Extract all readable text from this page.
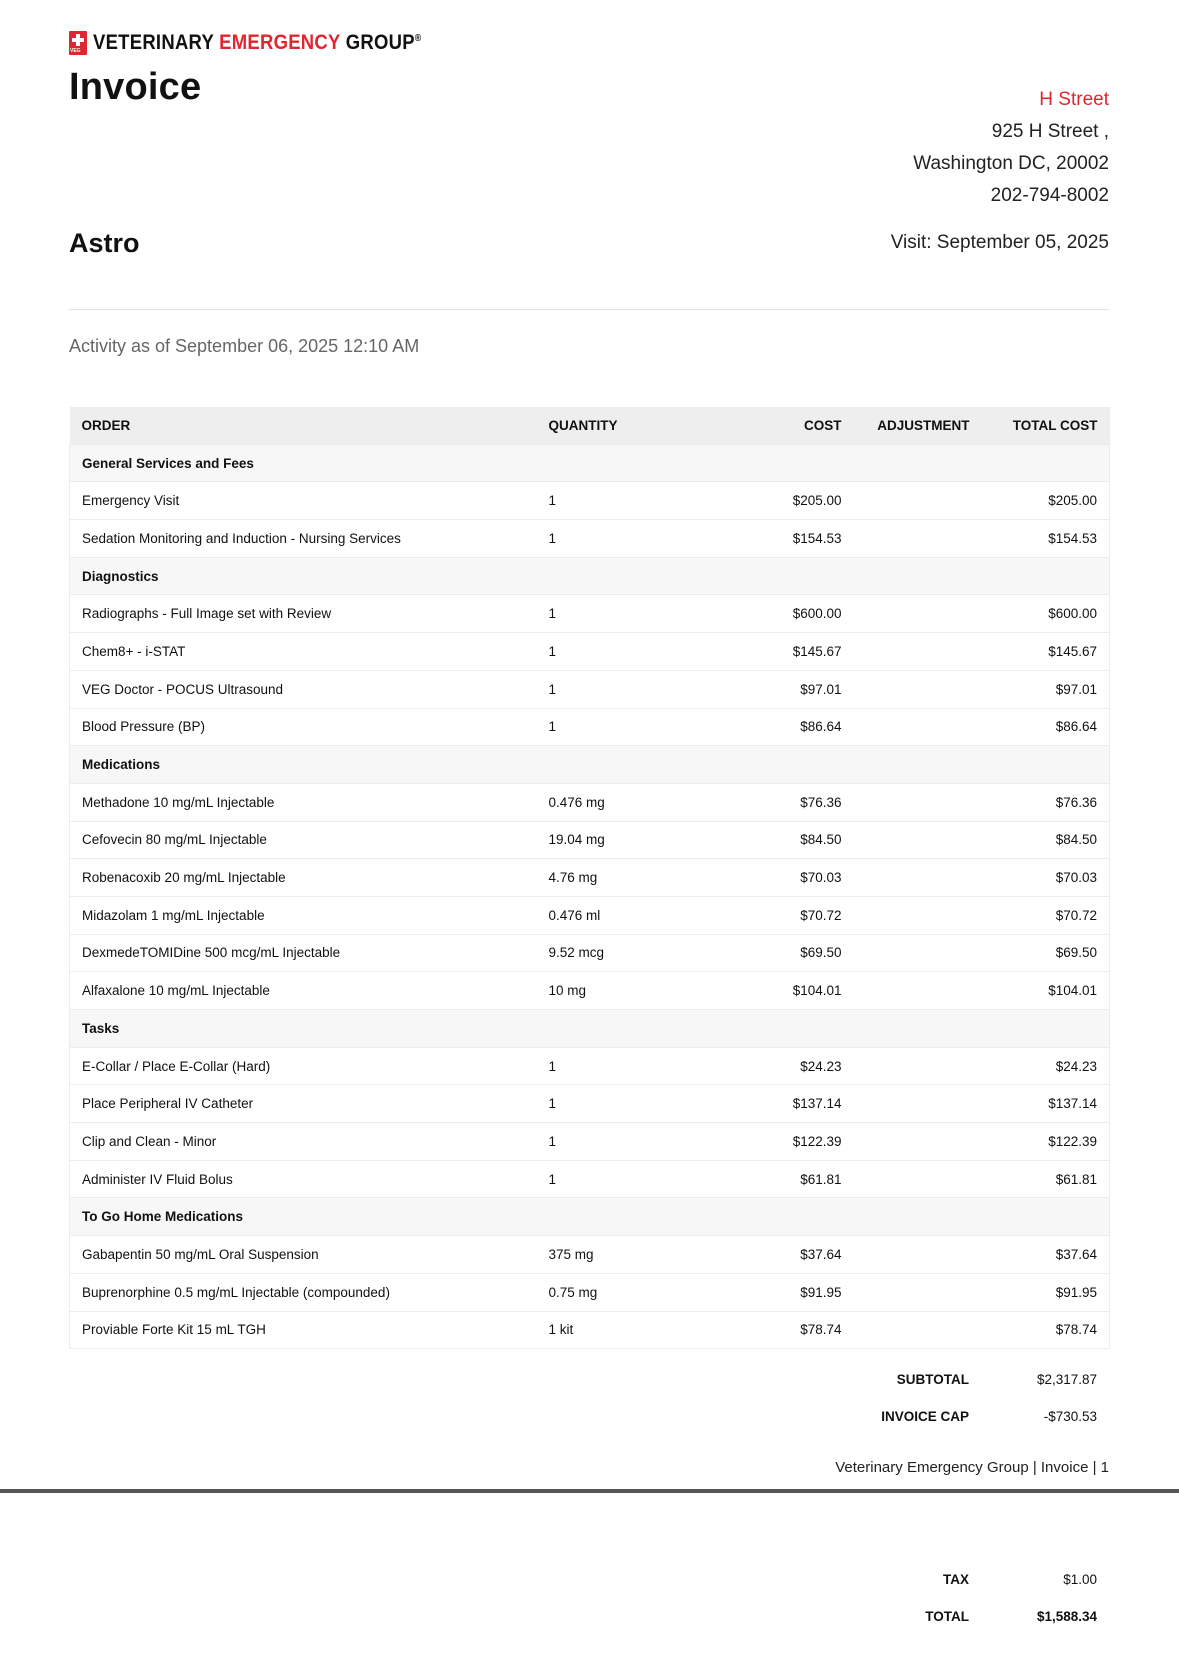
VEG VETERINARY EMERGENCY GROUP®
Invoice	H Street
925 H Street ,
Washington DC, 20002
202-794-8002
Astro	Visit: September 05, 2025
Activity as of September 06, 2025 12:10 AM
ORDER	QUANTITY	COST	ADJUSTMENT	TOTAL COST
General Services and Fees				
Emergency Visit	1	$205.00		$205.00
Sedation Monitoring and Induction - Nursing Services	1	$154.53		$154.53
Diagnostics				
Radiographs - Full Image set with Review	1	$600.00		$600.00
Chem8+ - i-STAT	1	$145.67		$145.67
VEG Doctor - POCUS Ultrasound	1	$97.01		$97.01
Blood Pressure (BP)	1	$86.64		$86.64
Medications				
Methadone 10 mg/mL Injectable	0.476 mg	$76.36		$76.36
Cefovecin 80 mg/mL Injectable	19.04 mg	$84.50		$84.50
Robenacoxib 20 mg/mL Injectable	4.76 mg	$70.03		$70.03
Midazolam 1 mg/mL Injectable	0.476 ml	$70.72		$70.72
DexmedeTOMIDine 500 mcg/mL Injectable	9.52 mcg	$69.50		$69.50
Alfaxalone 10 mg/mL Injectable	10 mg	$104.01		$104.01
Tasks				
E-Collar / Place E-Collar (Hard)	1	$24.23		$24.23
Place Peripheral IV Catheter	1	$137.14		$137.14
Clip and Clean - Minor	1	$122.39		$122.39
Administer IV Fluid Bolus	1	$61.81		$61.81
To Go Home Medications				
Gabapentin 50 mg/mL Oral Suspension	375 mg	$37.64		$37.64
Buprenorphine 0.5 mg/mL Injectable (compounded)	0.75 mg	$91.95		$91.95
Proviable Forte Kit 15 mL TGH	1 kit	$78.74		$78.74
SUBTOTAL	$2,317.87
INVOICE CAP	-$730.53
Veterinary Emergency Group | Invoice | 1
TAX	$1.00
TOTAL	$1,588.34
